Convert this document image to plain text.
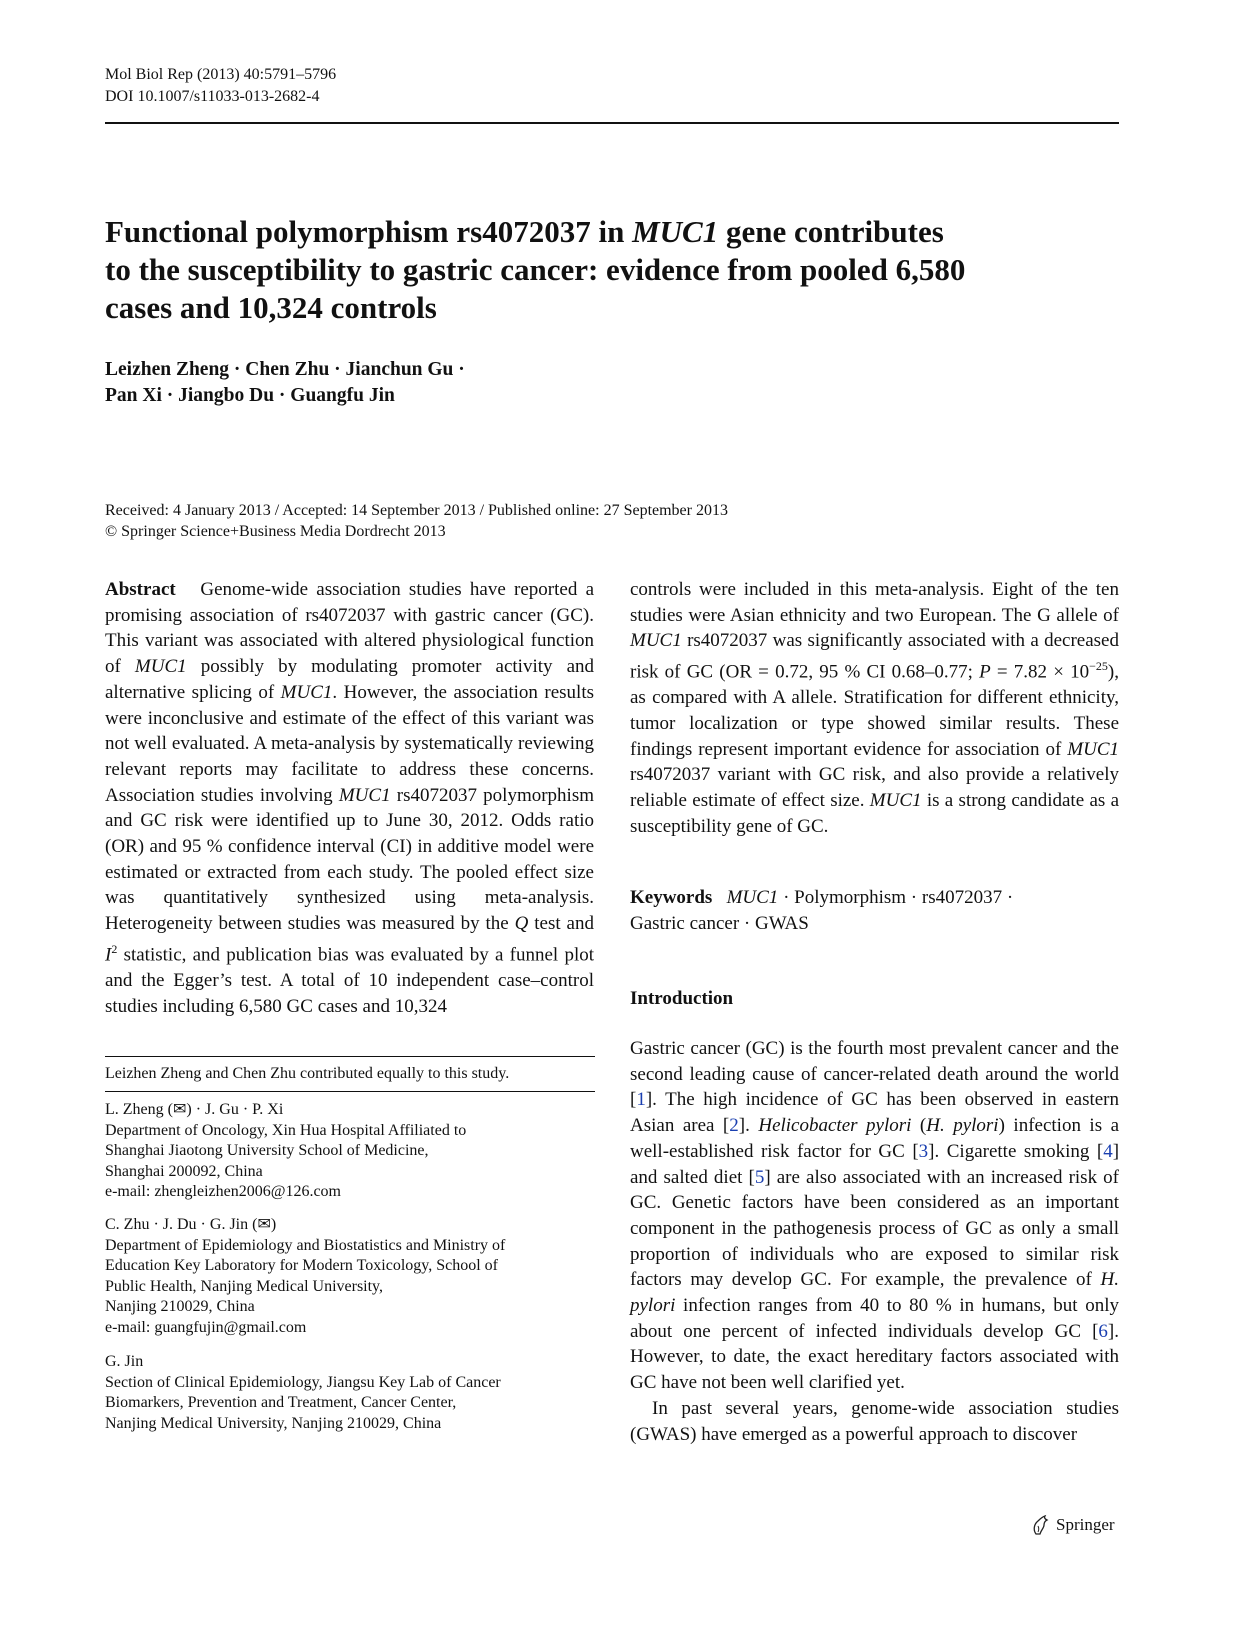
Mol Biol Rep (2013) 40:5791–5796
DOI 10.1007/s11033-013-2682-4
Functional polymorphism rs4072037 in MUC1 gene contributes
to the susceptibility to gastric cancer: evidence from pooled 6,580
cases and 10,324 controls
Leizhen Zheng · Chen Zhu · Jianchun Gu ·
Pan Xi · Jiangbo Du · Guangfu Jin
Received: 4 January 2013 / Accepted: 14 September 2013 / Published online: 27 September 2013
© Springer Science+Business Media Dordrecht 2013

Abstract Genome-wide association studies have reported a promising association of rs4072037 with gastric cancer (GC). This variant was associated with altered physiological function of MUC1 possibly by modulating promoter activity and alternative splicing of MUC1. However, the association results were inconclusive and estimate of the effect of this variant was not well evaluated. A meta-analysis by systematically reviewing relevant reports may facilitate to address these concerns. Association studies involving MUC1 rs4072037 polymorphism and GC risk were identified up to June 30, 2012. Odds ratio (OR) and 95 % confidence interval (CI) in additive model were estimated or extracted from each study. The pooled effect size was quantitatively synthesized using meta-analysis. Heterogeneity between studies was measured by the Q test and $I^2$ statistic, and publication bias was evaluated by a funnel plot and the Egger’s test. A total of 10 independent case–control studies including 6,580 GC cases and 10,324

controls were included in this meta-analysis. Eight of the ten studies were Asian ethnicity and two European. The G allele of MUC1 rs4072037 was significantly associated with a decreased risk of GC (OR = 0.72, 95 % CI 0.68–0.77; $P = 7.82 \times 10^{-25}$), as compared with A allele. Stratification for different ethnicity, tumor localization or type showed similar results. These findings represent important evidence for association of MUC1 rs4072037 variant with GC risk, and also provide a relatively reliable estimate of effect size. MUC1 is a strong candidate as a susceptibility gene of GC.

Keywords MUC1 · Polymorphism · rs4072037 ·
Gastric cancer · GWAS
Introduction

Gastric cancer (GC) is the fourth most prevalent cancer and the second leading cause of cancer-related death around the world [1]. The high incidence of GC has been observed in eastern Asian area [2]. Helicobacter pylori (H. pylori) infection is a well-established risk factor for GC [3]. Cigarette smoking [4] and salted diet [5] are also associated with an increased risk of GC. Genetic factors have been considered as an important component in the pathogenesis process of GC as only a small proportion of individuals who are exposed to similar risk factors may develop GC. For example, the prevalence of H. pylori infection ranges from 40 to 80 % in humans, but only about one percent of infected individuals develop GC [6]. However, to date, the exact hereditary factors associated with GC have not been well clarified yet.

In past several years, genome-wide association studies (GWAS) have emerged as a powerful approach to discover

Leizhen Zheng and Chen Zhu contributed equally to this study.

L. Zheng (✉) · J. Gu · P. Xi

Department of Oncology, Xin Hua Hospital Affiliated to

Shanghai Jiaotong University School of Medicine,

Shanghai 200092, China

e-mail: zhengleizhen2006@126.com

C. Zhu · J. Du · G. Jin (✉)

Department of Epidemiology and Biostatistics and Ministry of

Education Key Laboratory for Modern Toxicology, School of

Public Health, Nanjing Medical University,

Nanjing 210029, China

e-mail: guangfujin@gmail.com

G. Jin

Section of Clinical Epidemiology, Jiangsu Key Lab of Cancer

Biomarkers, Prevention and Treatment, Cancer Center,

Nanjing Medical University, Nanjing 210029, China

Springer
